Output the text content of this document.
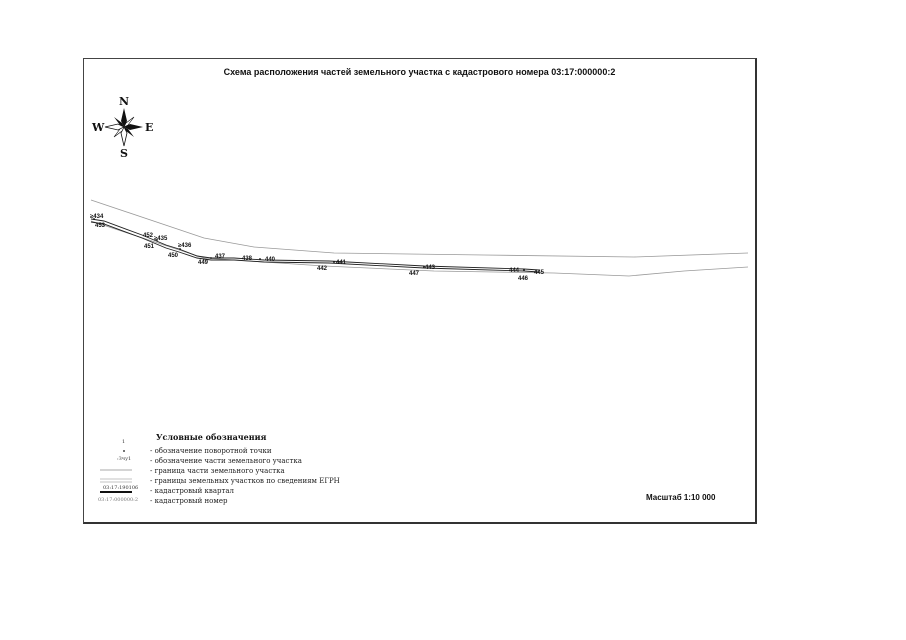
Схема расположения частей земельного участка с кадастрового номера 03:17:000000:2
N
S
W	E
≥434
453
452 ≥435
≥436
451
450
449
437	438 440	441
442	443
447	444 445
446
Условные обозначения
1
:Зчу1
03:17:190106
03:17:000000:2
- обозначение поворотной точки
- обозначение части земельного участка
- граница части земельного участка
- границы земельных участков по сведениям ЕГРН
- кадастровый квартал
- кадастровый номер	Масштаб 1:10 000
